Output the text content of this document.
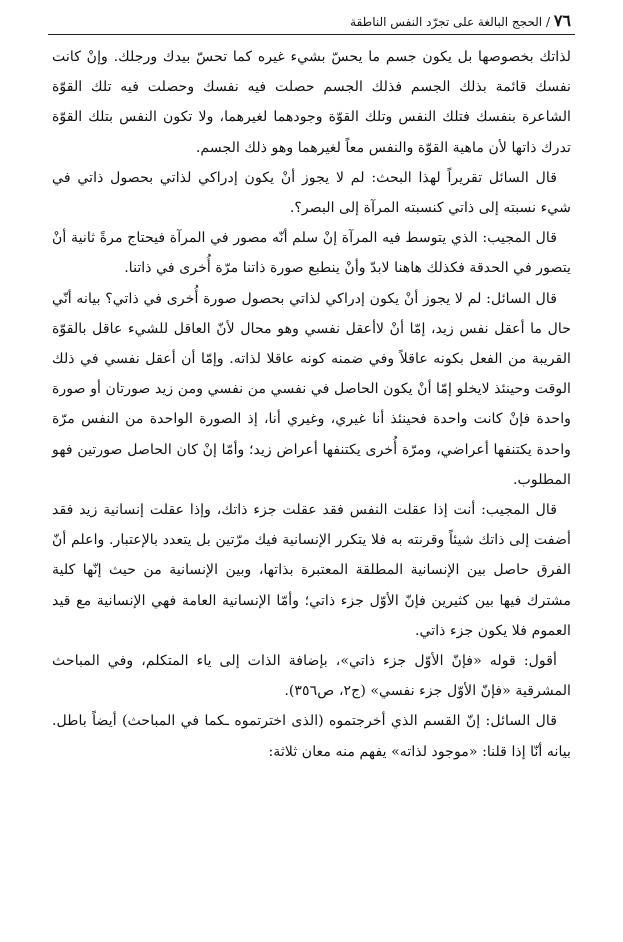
٧٦ / الحجج البالغة على تجرّد النفس الناطقة

لذاتك بخصوصها بل يكون جسم ما يحسّ بشيء غيره كما تحسّ بيدك ورجلك. وإنْ كانت نفسك قائمة بذلك الجسم فذلك الجسم حصلت فيه نفسك وحصلت فيه تلك القوّة الشاعرة بنفسك فتلك النفس وتلك القوّة وجودهما لغيرهما، ولا تكون النفس بتلك القوّة تدرك ذاتها لأن ماهية القوّة والنفس معاً لغيرهما وهو ذلك الجسم.

قال السائل تقريراً لهذا البحث: لم لا يجوز أنْ يكون إدراكي لذاتي بحصول ذاتي في شيء نسبته إلى ذاتي كنسبته المرآة إلى البصر؟.

قال المجيب: الذي يتوسط فيه المرآة إنْ سلم أنّه مصور في المرآة فيحتاج مرةً ثانية أنْ يتصور في الحدقة فكذلك هاهنا لابدّ وأنْ ينطبع صورة ذاتنا مرّة أُخرى في ذاتنا.

قال السائل: لم لا يجوز أنْ يكون إدراكي لذاتي بحصول صورة أُخرى في ذاتي؟ بيانه أنّي حال ما أعقل نفس زيد، إمّا أنْ لاأعقل نفسي وهو محال لأنّ العاقل للشيء عاقل بالقوّة القريبة من الفعل بكونه عاقلاً وفي ضمنه كونه عاقلا لذاته. وإمّا أن أعقل نفسي في ذلك الوقت وحينئذ لايخلو إمّا أنْ يكون الحاصل في نفسي من نفسي ومن زيد صورتان أو صورة واحدة فإنْ كانت واحدة فحينئذ أنا غيري، وغيري أنا، إذ الصورة الواحدة من النفس مرّة واحدة يكتنفها أعراضي، ومرّة أُخرى يكتنفها أعراض زيد؛ وأمّا إنْ كان الحاصل صورتين فهو المطلوب.

قال المجيب: أنت إذا عقلت النفس فقد عقلت جزء ذاتك، وإذا عقلت إنسانية زيد فقد أضفت إلى ذاتك شيئاً وقرنته به فلا يتكرر الإنسانية فيك مرّتين بل يتعدد بالإعتبار. واعلم أنّ الفرق حاصل بين الإنسانية المطلقة المعتبرة بذاتها، وبين الإنسانية من حيث إنّها كلية مشترك فيها بين كثيرين فإنّ الأوّل جزء ذاتي؛ وأمّا الإنسانية العامة فهي الإنسانية مع قيد العموم فلا يكون جزء ذاتي.

أقول: قوله «فإنّ الأوّل جزء ذاتي»، بإضافة الذات إلى ياء المتكلم، وفي المباحث المشرقية «فإنّ الأوّل جزء نفسي» (ج٢، ص٣٥٦).

قال السائل: إنّ القسم الذي أخرجتموه (الذى اخترتموه ـكما في المباحث) أيضاً باطل. بيانه أنّا إذا قلنا: «موجود لذاته» يفهم منه معان ثلاثة:
